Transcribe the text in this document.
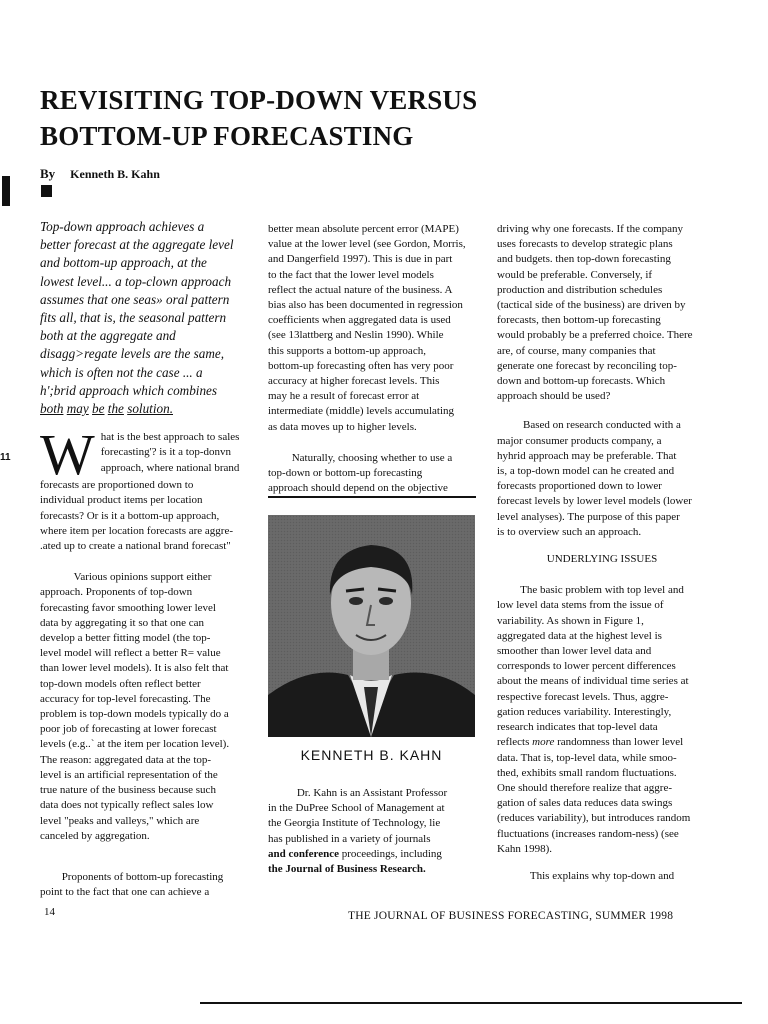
REVISITING TOP-DOWN VERSUS
BOTTOM-UP FORECASTING
By Kenneth B. Kahn
11
Top-down approach achieves a
better forecast at the aggregate level
and bottom-up approach, at the
lowest level... a top-clown approach
assumes that one seas» oral pattern
fits all, that is, the seasonal pattern
both at the aggregate and
disagg>regate levels are the same,
which is often not the case ... a
h';brid approach which combines
both may be the solution.
W hat is the best approach to sales
forecasting'? is it a top-donvn
approach, where national brand
forecasts are proportioned down to
individual product items per location
forecasts? Or is it a bottom-up approach,
where item per location forecasts are aggre-
.ated up to create a national brand forecast"
Various opinions support either
approach. Proponents of top-down
forecasting favor smoothing lower level
data by aggregating it so that one can
develop a better fitting model (the top-
level model will reflect a better R= value
than lower level models). It is also felt that
top-down models often reflect better
accuracy for top-level forecasting. The
problem is top-down models typically do a
poor job of forecasting at lower forecast
levels (e.g..` at the item per location level).
The reason: aggregated data at the top-
level is an artificial representation of the
true nature of the business because such
data does not typically reflect sales low
level "peaks and valleys," which are
canceled by aggregation.
Proponents of bottom-up forecasting
point to the fact that one can achieve a
better mean absolute percent error (MAPE)
value at the lower level (see Gordon, Morris,
and Dangerfield 1997). This is due in part
to the fact that the lower level models
reflect the actual nature of the business. A
bias also has been documented in regression
coefficients when aggregated data is used
(see 13lattberg and Neslin 1990). While
this supports a bottom-up approach,
bottom-up forecasting often has very poor
accuracy at higher forecast levels. This
may he a result of forecast error at
intermediate (middle) levels accumulating
as data moves up to higher levels.
Naturally, choosing whether to use a
top-down or bottom-up forecasting
approach should depend on the objective
KENNETH B. KAHN
Dr. Kahn is an Assistant Professor
in the DuPree School of Management at
the Georgia Institute of Technology, lie
has published in a variety of journals
and conference proceedings, including
the Journal of Business Research.
driving why one forecasts. If the company
uses forecasts to develop strategic plans
and budgets. then top-down forecasting
would be preferable. Conversely, if
production and distribution schedules
(tactical side of the business) are driven by
forecasts, then bottom-up forecasting
would probably be a preferred choice. There
are, of course, many companies that
generate one forecast by reconciling top-
down and bottom-up forecasts. Which
approach should be used?
Based on research conducted with a
major consumer products company, a
hyhrid approach may be preferable. That
is, a top-down model can he created and
forecasts proportioned down to lower
forecast levels by lower level models (lower
level analyses). The purpose of this paper
is to overview such an approach.
UNDERLYING ISSUES
The basic problem with top level and
low level data stems from the issue of
variability. As shown in Figure 1,
aggregated data at the highest level is
smoother than lower level data and
corresponds to lower percent differences
about the means of individual time series at
respective forecast levels. Thus, aggre-
gation reduces variability. Interestingly,
research indicates that top-level data
reflects more randomness than lower level
data. That is, top-level data, while smoo-
thed, exhibits small random fluctuations.
One should therefore realize that aggre-
gation of sales data reduces data swings
(reduces variability), but introduces random
fluctuations (increases random-ness) (see
Kahn 1998).
This explains why top-down and
14	THE JOURNAL OF BUSINESS FORECASTING, SUMMER 1998
